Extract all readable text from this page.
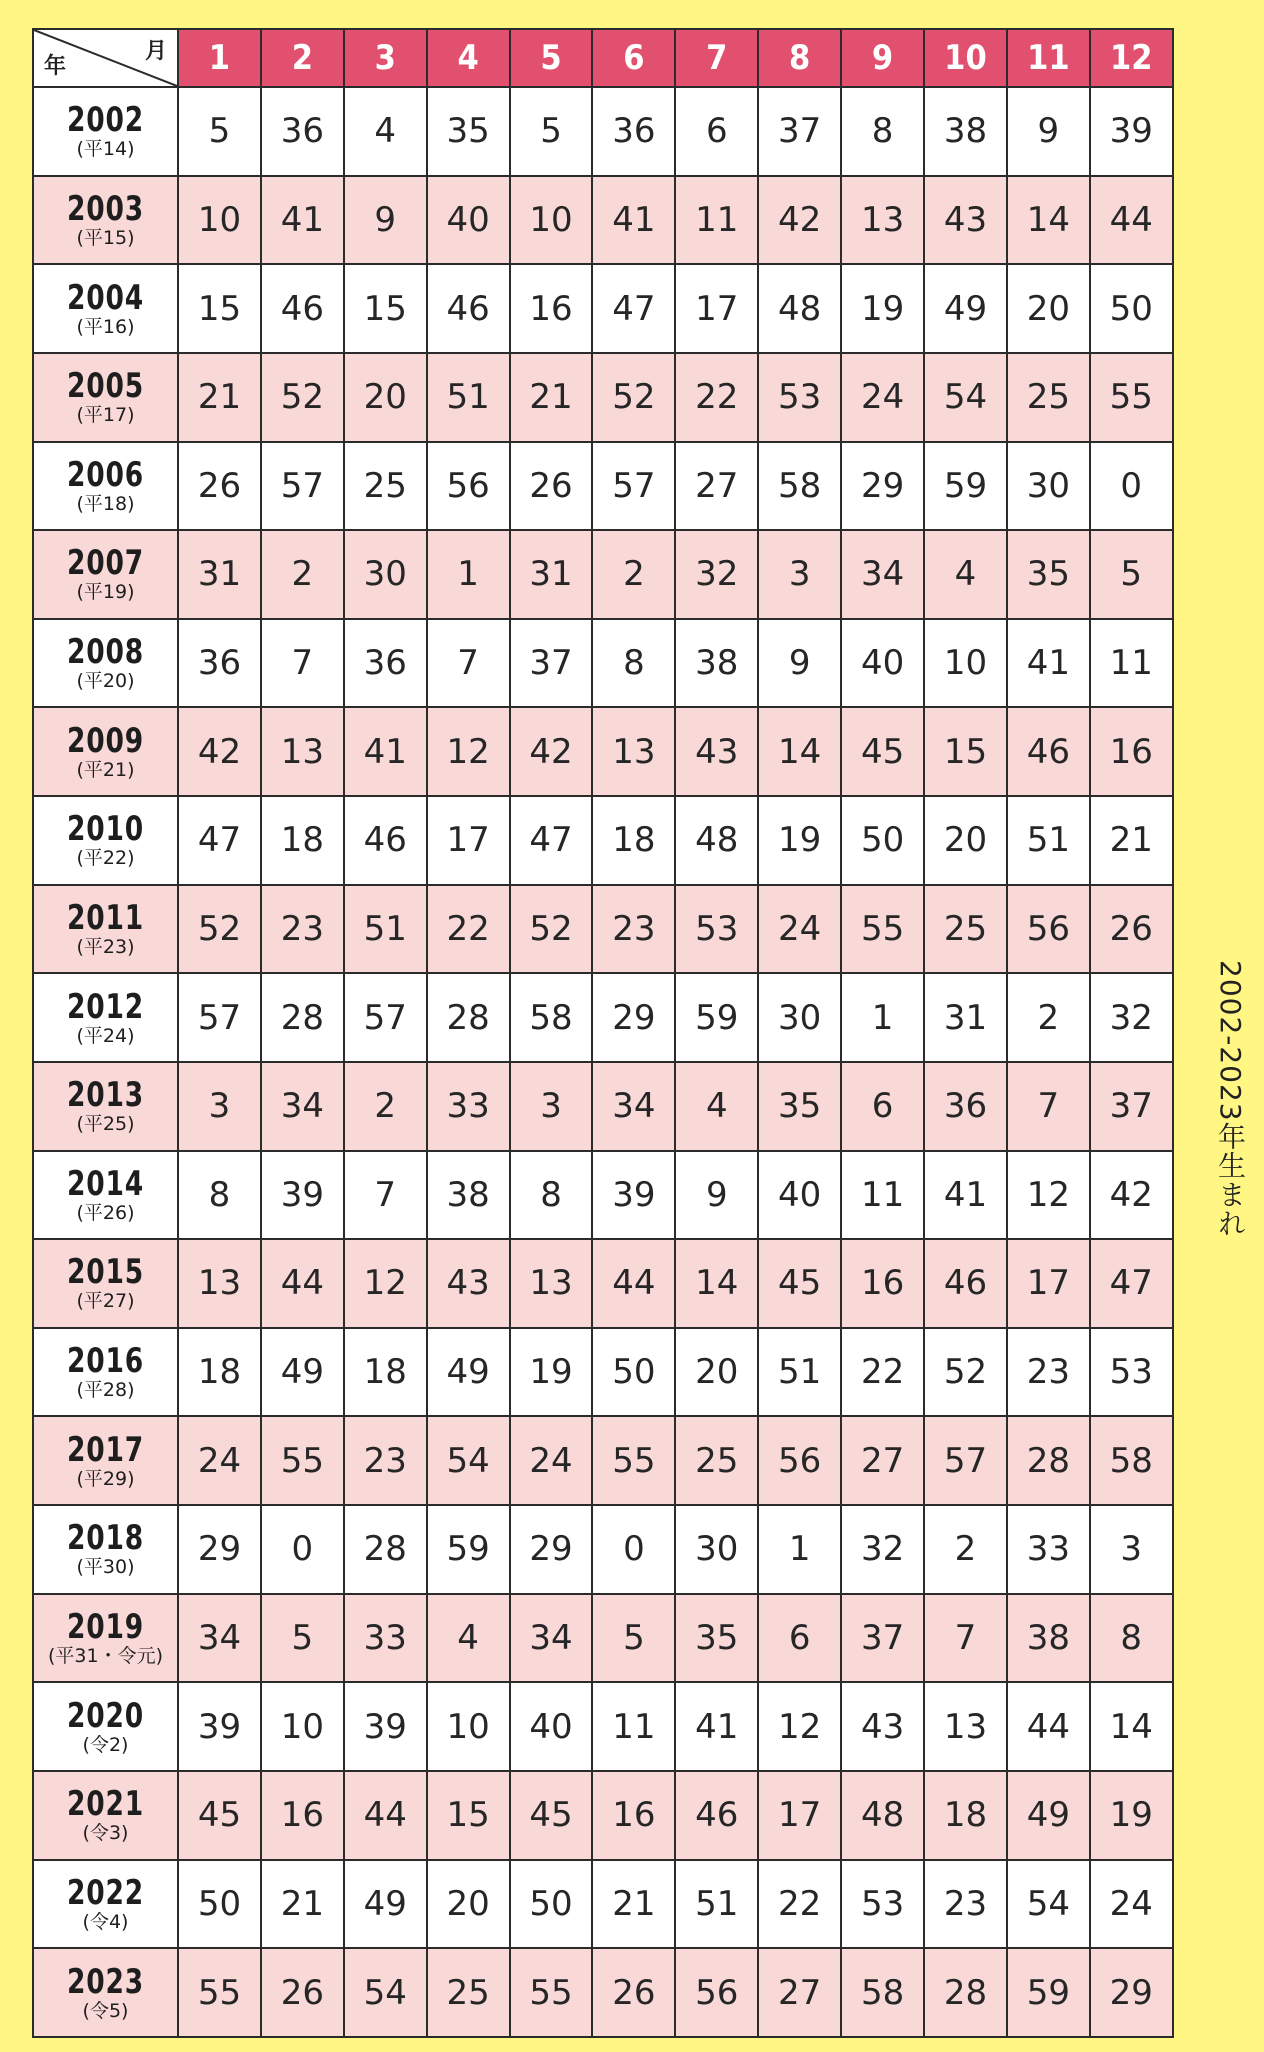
年
月	1	2	3	4	5	6	7	8	9	10	11	12

2002
(平14)	5	36	4	35	5	36	6	37	8	38	9	39

2003
(平15)	10	41	9	40	10	41	11	42	13	43	14	44

2004
(平16)	15	46	15	46	16	47	17	48	19	49	20	50

2005
(平17)	21	52	20	51	21	52	22	53	24	54	25	55

2006
(平18)	26	57	25	56	26	57	27	58	29	59	30	0

2007
(平19)	31	2	30	1	31	2	32	3	34	4	35	5

2008
(平20)	36	7	36	7	37	8	38	9	40	10	41	11

2009
(平21)	42	13	41	12	42	13	43	14	45	15	46	16

2010
(平22)	47	18	46	17	47	18	48	19	50	20	51	21

2011
(平23)	52	23	51	22	52	23	53	24	55	25	56	26

2012
(平24)	57	28	57	28	58	29	59	30	1	31	2	32

2013
(平25)	3	34	2	33	3	34	4	35	6	36	7	37

2014
(平26)	8	39	7	38	8	39	9	40	11	41	12	42

2015
(平27)	13	44	12	43	13	44	14	45	16	46	17	47

2016
(平28)	18	49	18	49	19	50	20	51	22	52	23	53

2017
(平29)	24	55	23	54	24	55	25	56	27	57	28	58

2018
(平30)	29	0	28	59	29	0	30	1	32	2	33	3

2019
(平31・令元)	34	5	33	4	34	5	35	6	37	7	38	8

2020
(令2)	39	10	39	10	40	11	41	12	43	13	44	14

2021
(令3)	45	16	44	15	45	16	46	17	48	18	49	19

2022
(令4)	50	21	49	20	50	21	51	22	53	23	54	24

2023
(令5)	55	26	54	25	55	26	56	27	58	28	59	29
2002-2023年生まれ
